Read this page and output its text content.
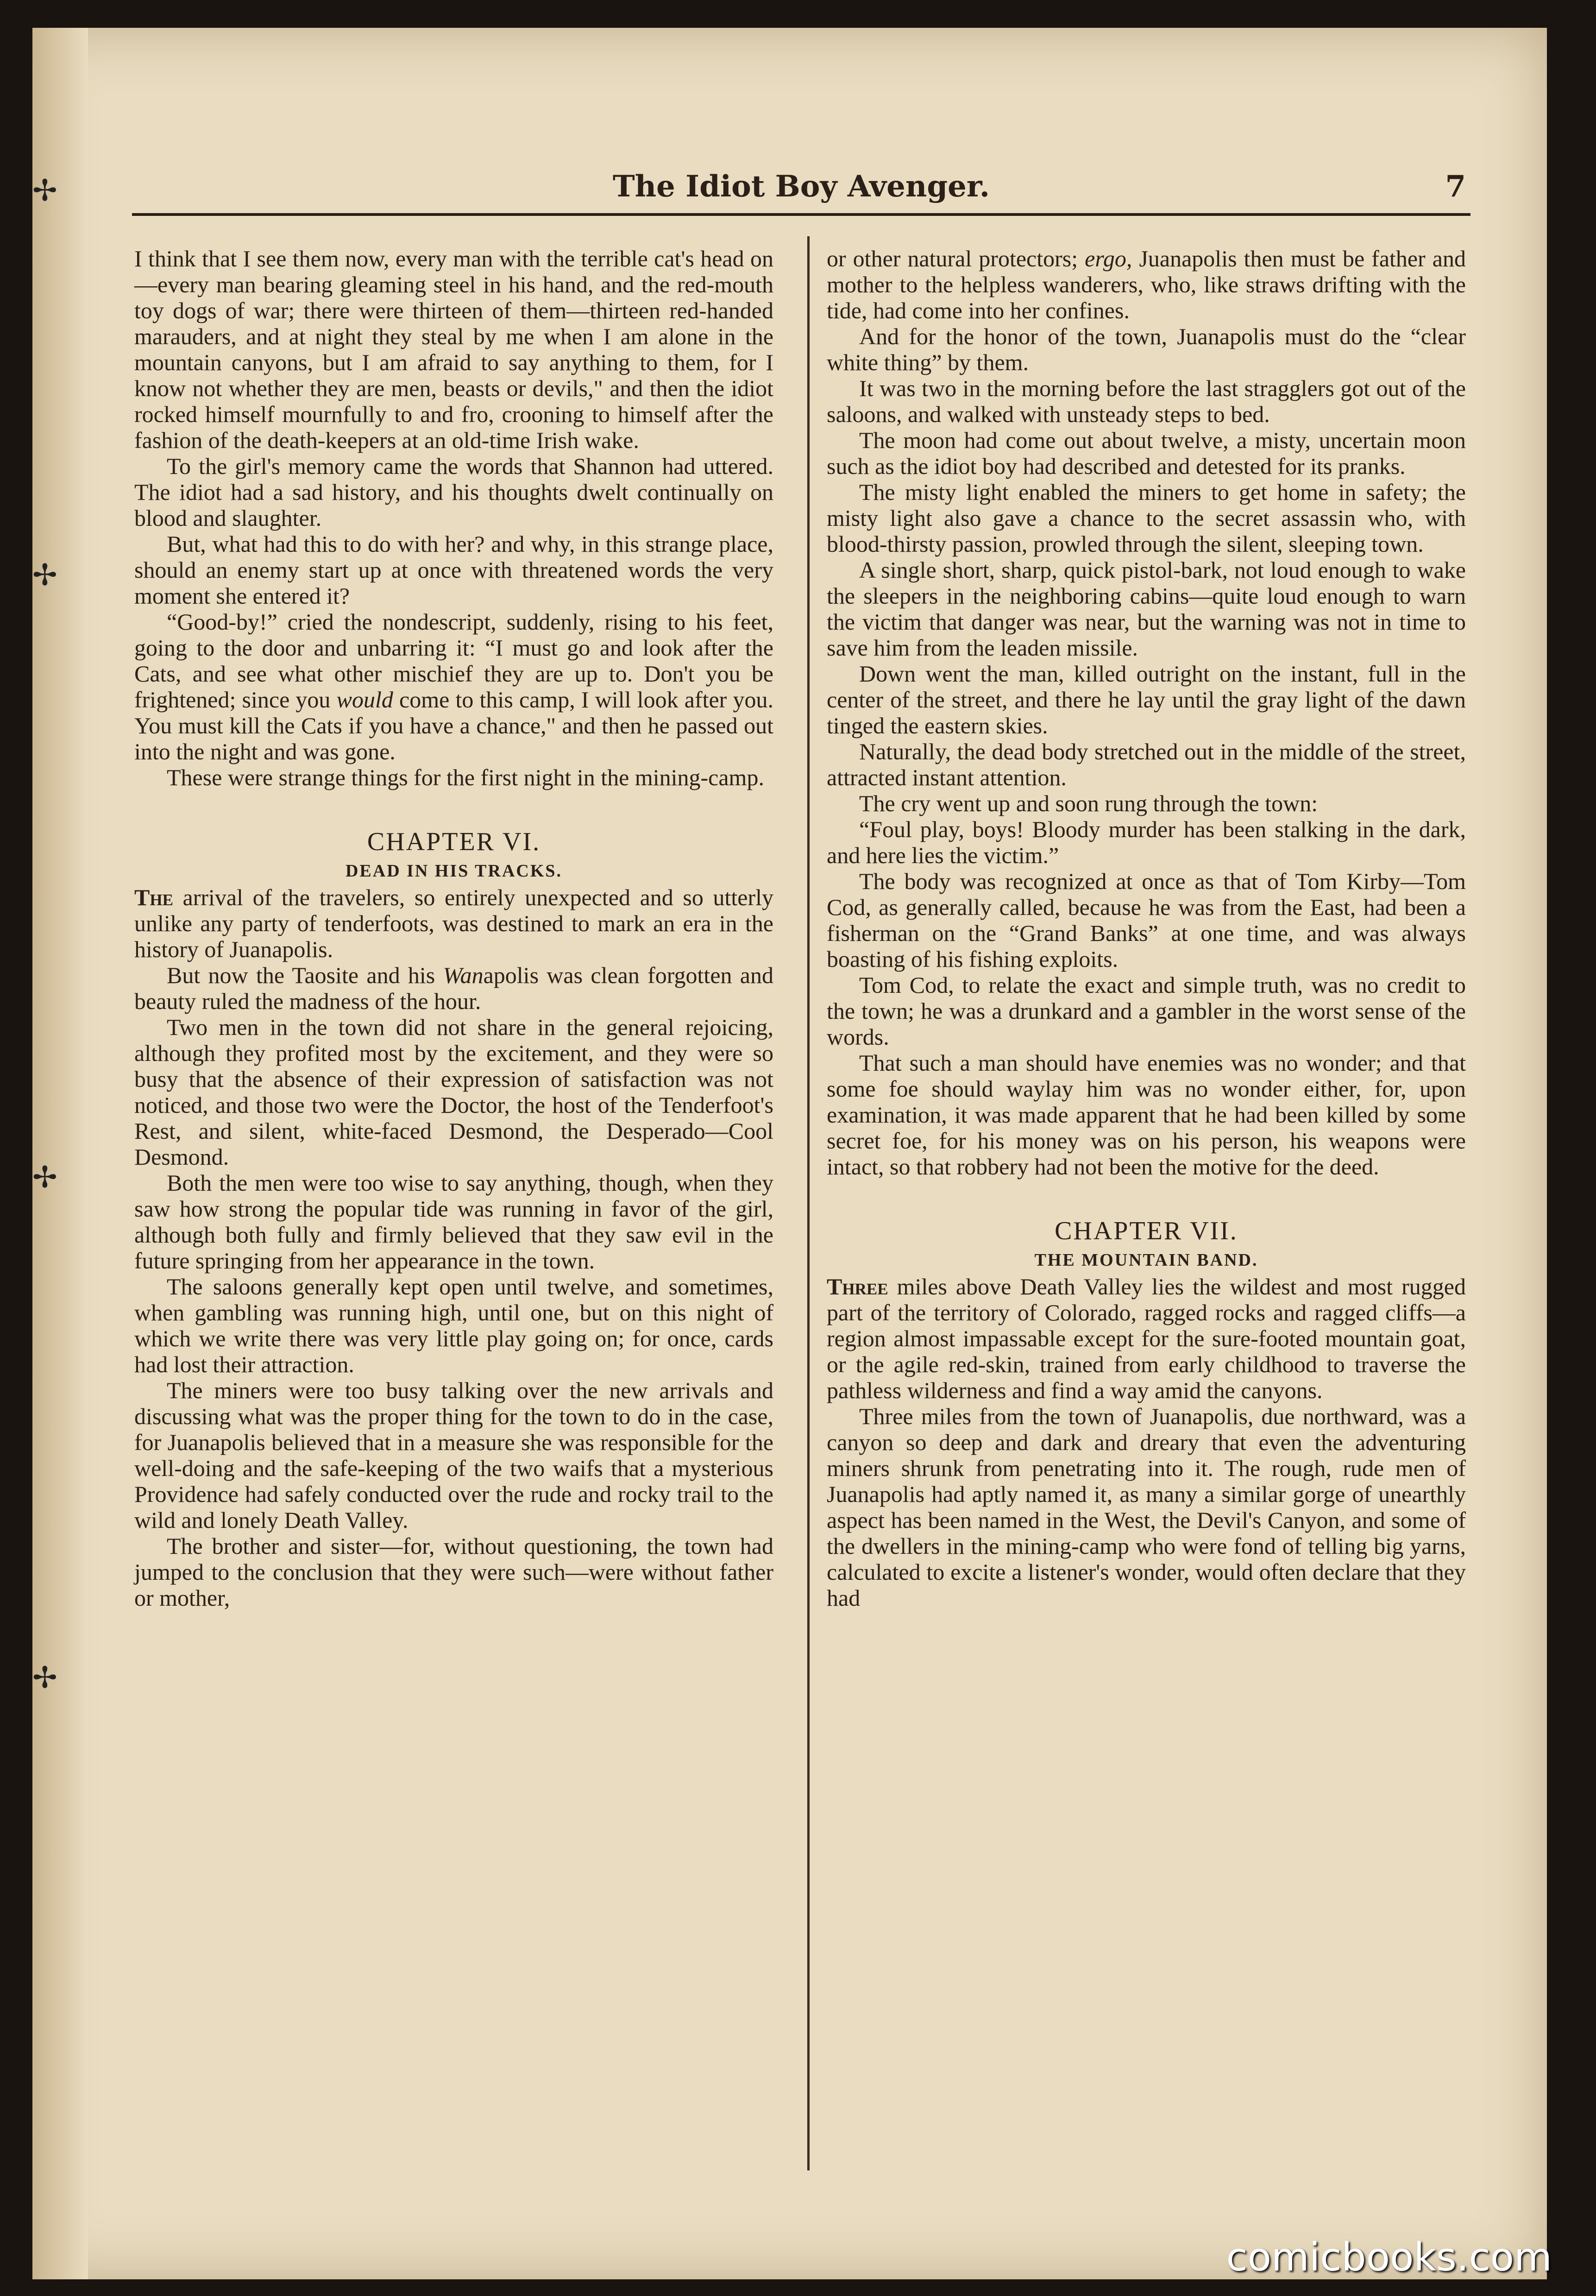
✢
✢
✢
✢
The Idiot Boy Avenger.	7

I think that I see them now, every man with the terrible cat's head on—every man bearing gleaming steel in his hand, and the red-mouth toy dogs of war; there were thirteen of them—thirteen red-handed marauders, and at night they steal by me when I am alone in the mountain canyons, but I am afraid to say anything to them, for I know not whether they are men, beasts or devils," and then the idiot rocked himself mournfully to and fro, crooning to himself after the fashion of the death-keepers at an old-time Irish wake.

To the girl's memory came the words that Shannon had uttered. The idiot had a sad history, and his thoughts dwelt continually on blood and slaughter.

But, what had this to do with her? and why, in this strange place, should an enemy start up at once with threatened words the very moment she entered it?

“Good-by!” cried the nondescript, suddenly, rising to his feet, going to the door and unbarring it: “I must go and look after the Cats, and see what other mischief they are up to. Don't you be frightened; since you would come to this camp, I will look after you. You must kill the Cats if you have a chance," and then he passed out into the night and was gone.

These were strange things for the first night in the mining-camp.

CHAPTER VI.
DEAD IN HIS TRACKS.

The arrival of the travelers, so entirely unexpected and so utterly unlike any party of tenderfoots, was destined to mark an era in the history of Juanapolis.

But now the Taosite and his Wanapolis was clean forgotten and beauty ruled the madness of the hour.

Two men in the town did not share in the general rejoicing, although they profited most by the excitement, and they were so busy that the absence of their expression of satisfaction was not noticed, and those two were the Doctor, the host of the Tenderfoot's Rest, and silent, white-faced Desmond, the Desperado—Cool Desmond.

Both the men were too wise to say anything, though, when they saw how strong the popular tide was running in favor of the girl, although both fully and firmly believed that they saw evil in the future springing from her appearance in the town.

The saloons generally kept open until twelve, and sometimes, when gambling was running high, until one, but on this night of which we write there was very little play going on; for once, cards had lost their attraction.

The miners were too busy talking over the new arrivals and discussing what was the proper thing for the town to do in the case, for Juanapolis believed that in a measure she was responsible for the well-doing and the safe-keeping of the two waifs that a mysterious Providence had safely conducted over the rude and rocky trail to the wild and lonely Death Valley.

The brother and sister—for, without questioning, the town had jumped to the conclusion that they were such—were without father or mother,

or other natural protectors; ergo, Juanapolis then must be father and mother to the helpless wanderers, who, like straws drifting with the tide, had come into her confines.

And for the honor of the town, Juanapolis must do the “clear white thing” by them.

It was two in the morning before the last stragglers got out of the saloons, and walked with unsteady steps to bed.

The moon had come out about twelve, a misty, uncertain moon such as the idiot boy had described and detested for its pranks.

The misty light enabled the miners to get home in safety; the misty light also gave a chance to the secret assassin who, with blood-thirsty passion, prowled through the silent, sleeping town.

A single short, sharp, quick pistol-bark, not loud enough to wake the sleepers in the neighboring cabins—quite loud enough to warn the victim that danger was near, but the warning was not in time to save him from the leaden missile.

Down went the man, killed outright on the instant, full in the center of the street, and there he lay until the gray light of the dawn tinged the eastern skies.

Naturally, the dead body stretched out in the middle of the street, attracted instant attention.

The cry went up and soon rung through the town:

“Foul play, boys! Bloody murder has been stalking in the dark, and here lies the victim.”

The body was recognized at once as that of Tom Kirby—Tom Cod, as generally called, because he was from the East, had been a fisherman on the “Grand Banks” at one time, and was always boasting of his fishing exploits.

Tom Cod, to relate the exact and simple truth, was no credit to the town; he was a drunkard and a gambler in the worst sense of the words.

That such a man should have enemies was no wonder; and that some foe should waylay him was no wonder either, for, upon examination, it was made apparent that he had been killed by some secret foe, for his money was on his person, his weapons were intact, so that robbery had not been the motive for the deed.

CHAPTER VII.
THE MOUNTAIN BAND.

Three miles above Death Valley lies the wildest and most rugged part of the territory of Colorado, ragged rocks and ragged cliffs—a region almost impassable except for the sure-footed mountain goat, or the agile red-skin, trained from early childhood to traverse the pathless wilderness and find a way amid the canyons.

Three miles from the town of Juanapolis, due northward, was a canyon so deep and dark and dreary that even the adventuring miners shrunk from penetrating into it. The rough, rude men of Juanapolis had aptly named it, as many a similar gorge of unearthly aspect has been named in the West, the Devil's Canyon, and some of the dwellers in the mining-camp who were fond of telling big yarns, calculated to excite a listener's wonder, would often declare that they had

comicbooks.com
